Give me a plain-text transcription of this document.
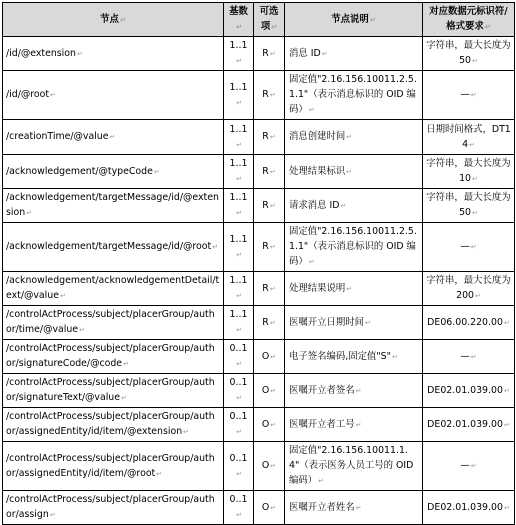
节点↵	基数↵	可选项↵	节点说明↵	对应数据元标识符/格式要求↵
/id/@extension↵	1..1↵	R↵	消息 ID↵	字符串，最大长度为 50↵
/id/@root↵	1..1↵	R↵	固定值"2.16.156.10011.2.5.1.1"（表示消息标识的 OID 编码）↵	—↵
/creationTime/@value↵	1..1↵	R↵	消息创建时间↵	日期时间格式，DT14↵
/acknowledgement/@typeCode↵	1..1↵	R↵	处理结果标识↵	字符串，最大长度为 10↵
/acknowledgement/targetMessage/id/@extension↵	1..1↵	R↵	请求消息 ID↵	字符串，最大长度为 50↵
/acknowledgement/targetMessage/id/@root↵	1..1↵	R↵	固定值"2.16.156.10011.2.5.1.1"（表示消息标识的 OID 编码）↵	—↵
/acknowledgement/acknowledgementDetail/text/@value↵	1..1↵	R↵	处理结果说明↵	字符串，最大长度为 200↵
/controlActProcess/subject/placerGroup/author/time/@value↵	1..1↵	R↵	医嘱开立日期时间↵	DE06.00.220.00↵
/controlActProcess/subject/placerGroup/author/signatureCode/@code↵	0..1↵	O↵	电子签名编码,固定值"S"↵	—↵
/controlActProcess/subject/placerGroup/author/signatureText/@value↵	0..1↵	O↵	医嘱开立者签名↵	DE02.01.039.00↵
/controlActProcess/subject/placerGroup/author/assignedEntity/id/item/@extension↵	0..1↵	O↵	医嘱开立者工号↵	DE02.01.039.00↵
/controlActProcess/subject/placerGroup/author/assignedEntity/id/item/@root↵	0..1↵	O↵	固定值"2.16.156.10011.1.4"（表示医务人员工号的 OID 编码）↵	—↵
/controlActProcess/subject/placerGroup/author/assign↵	0..1↵	O↵	医嘱开立者姓名↵	DE02.01.039.00↵
